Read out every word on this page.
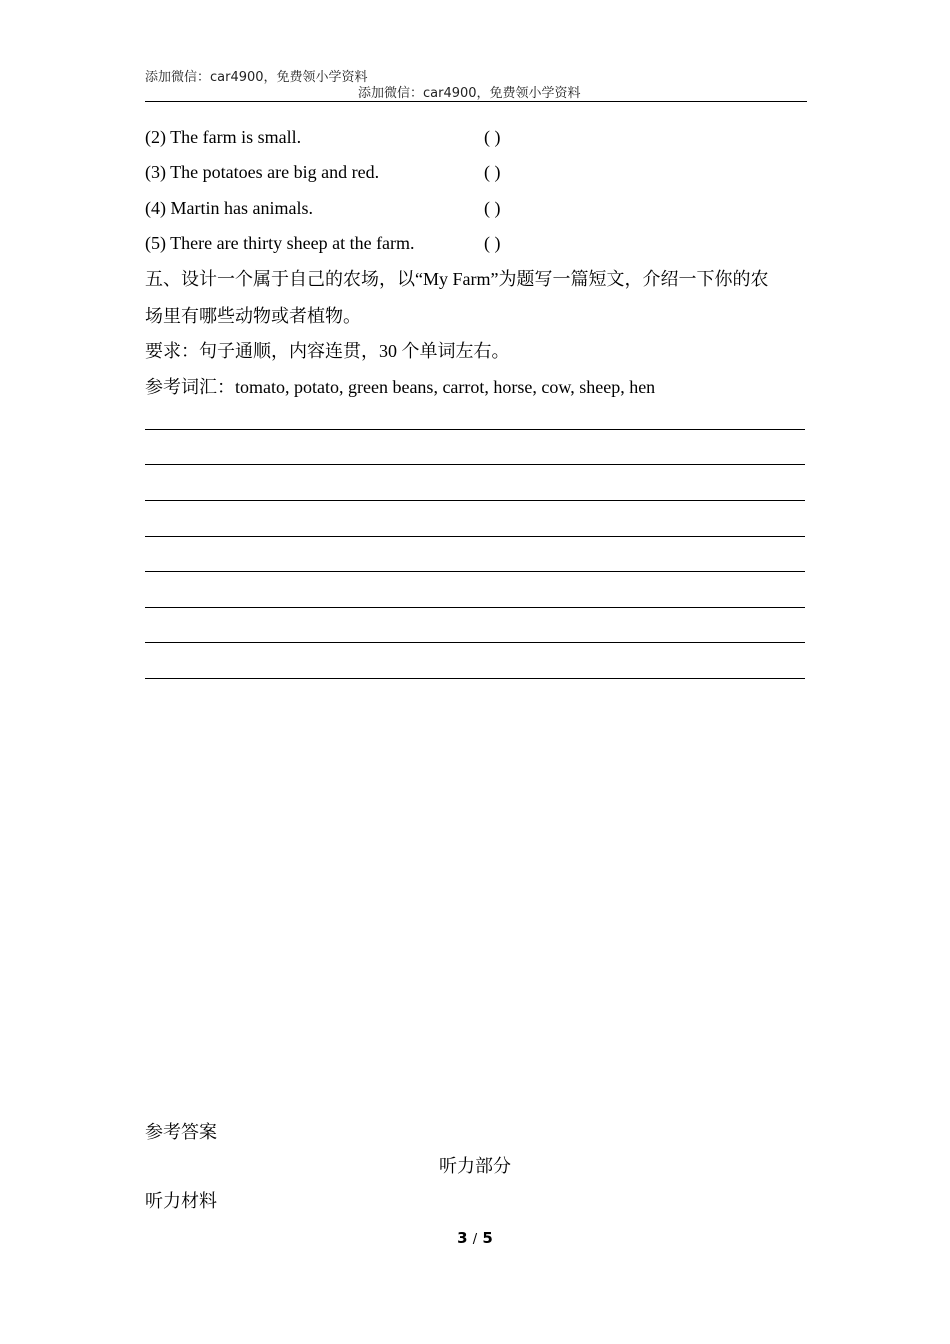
添加微信：car4900，免费领小学资料
添加微信：car4900，免费领小学资料
(2) The farm is small.	( )
(3) The potatoes are big and red.	( )
(4) Martin has animals.	( )
(5) There are thirty sheep at the farm.	( )
五、设计一个属于自己的农场，以“My Farm”为题写一篇短文，介绍一下你的农
场里有哪些动物或者植物。
要求：句子通顺，内容连贯，30 个单词左右。
参考词汇：tomato, potato, green beans, carrot, horse, cow, sheep, hen
参考答案
听力部分
听力材料
3 / 5
